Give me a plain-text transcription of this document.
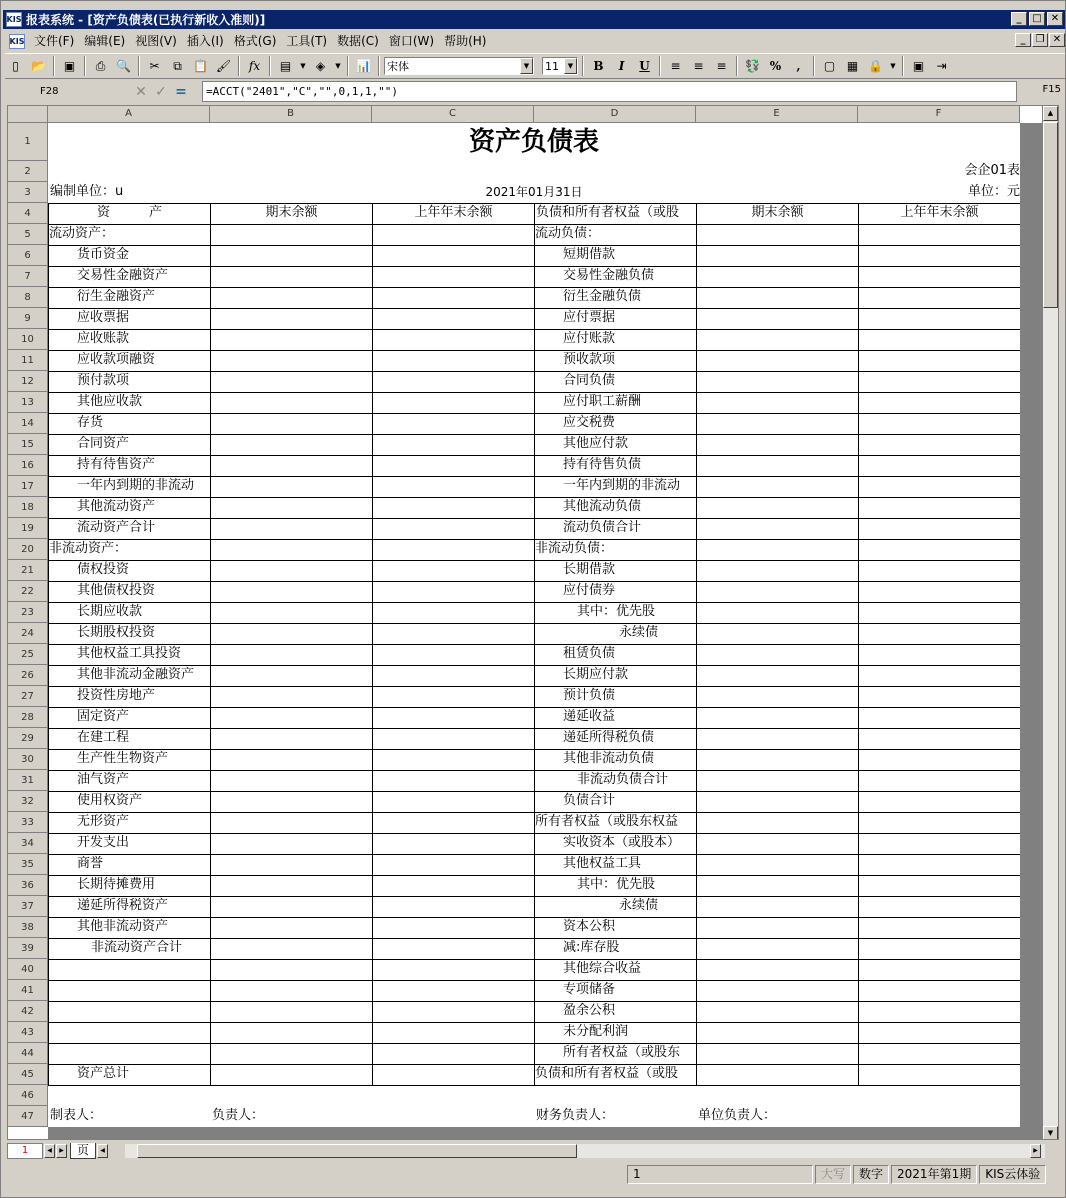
KIS 报表系统 - [资产负债表(已执行新收入准则)]	_	□ ✕
KIS 文件(F) 编辑(E) 视图(V) 插入(I) 格式(G) 工具(T) 数据(C) 窗口(W) 帮助(H)	_	❐ ✕
▯	📂	▣	⎙ 🔍	✂	⧉ 📋 🖌	fx	▤	▼ ◈	▼ 📊 宋体	▼	11	▼	B	I	U	≡	≡	≡	💱 %	,	▢ ▦ 🔒	▼	▣	⇥
F28	✕ ✓ =	=ACCT("2401","C","",0,1,1,"")	F15
▲
▼
A	B	C	D	E	F
1
2
3
4
5
6
7
8
9
10
11
12
13
14
15
16
17
18
19
20
21
22
23
24
25
26
27
28
29
30
31
32
33
34
35
36
37
38
39
40
41
42
43
44
45
46
47
资产负债表
会企01表
编制单位：u	2021年01月31日	单位：元
资　　　产	期末余额	上年年末余额	负债和所有者权益（或股	期末余额	上年年末余额
流动资产：
货币资金
交易性金融资产
衍生金融资产
应收票据
应收账款
应收款项融资
预付款项
其他应收款
存货
合同资产
持有待售资产
一年内到期的非流动
其他流动资产
流动资产合计
非流动资产：
债权投资
其他债权投资
长期应收款
长期股权投资
其他权益工具投资
其他非流动金融资产
投资性房地产
固定资产
在建工程
生产性生物资产
油气资产
使用权资产
无形资产
开发支出
商誉
长期待摊费用
递延所得税资产
其他非流动资产
非流动资产合计
资产总计
流动负债：
短期借款
交易性金融负债
衍生金融负债
应付票据
应付账款
预收款项
合同负债
应付职工薪酬
应交税费
其他应付款
持有待售负债
一年内到期的非流动
其他流动负债
流动负债合计
非流动负债：
长期借款
应付债券
其中：优先股
永续债
租赁负债
长期应付款
预计负债
递延收益
递延所得税负债
其他非流动负债
非流动负债合计
负债合计
所有者权益（或股东权益
实收资本（或股本）
其他权益工具
其中：优先股
永续债
资本公积
减:库存股
其他综合收益
专项储备
盈余公积
未分配利润
所有者权益（或股东
负债和所有者权益（或股
制表人：	负责人：	财务负责人：	单位负责人：
1	◀	▶	页	◀	▶
1	大写	数字	2021年第1期	KIS云体验
